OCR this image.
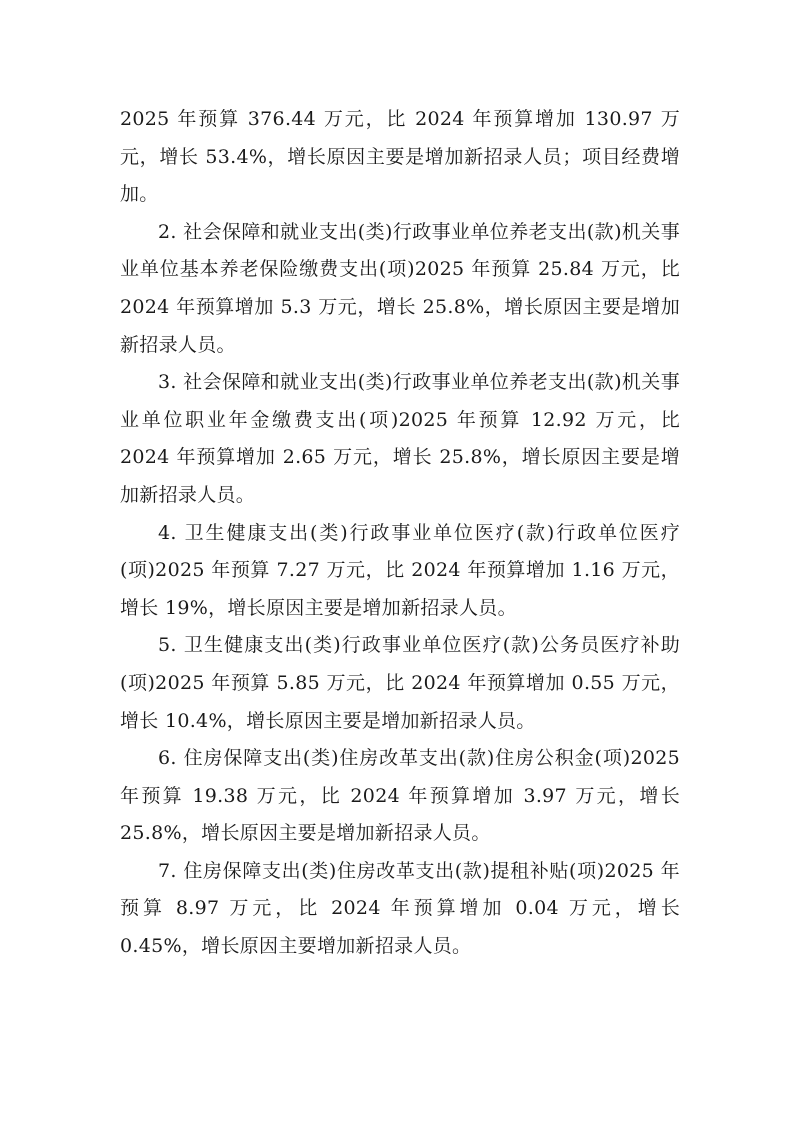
2025 年预算 376.44 万元，比 2024 年预算增加 130.97 万元，增长 53.4%，增长原因主要是增加新招录人员；项目经费增加。

2. 社会保障和就业支出(类)行政事业单位养老支出(款)机关事业单位基本养老保险缴费支出(项)2025 年预算 25.84 万元，比 2024 年预算增加 5.3 万元，增长 25.8%，增长原因主要是增加新招录人员。

3. 社会保障和就业支出(类)行政事业单位养老支出(款)机关事业单位职业年金缴费支出(项)2025 年预算 12.92 万元，比 2024 年预算增加 2.65 万元，增长 25.8%，增长原因主要是增加新招录人员。

4. 卫生健康支出(类)行政事业单位医疗(款)行政单位医疗(项)2025 年预算 7.27 万元，比 2024 年预算增加 1.16 万元，增长 19%，增长原因主要是增加新招录人员。

5. 卫生健康支出(类)行政事业单位医疗(款)公务员医疗补助(项)2025 年预算 5.85 万元，比 2024 年预算增加 0.55 万元，增长 10.4%，增长原因主要是增加新招录人员。

6. 住房保障支出(类)住房改革支出(款)住房公积金(项)2025 年预算 19.38 万元，比 2024 年预算增加 3.97 万元，增长 25.8%，增长原因主要是增加新招录人员。

7. 住房保障支出(类)住房改革支出(款)提租补贴(项)2025 年预算 8.97 万元，比 2024 年预算增加 0.04 万元，增长 0.45%，增长原因主要增加新招录人员。
